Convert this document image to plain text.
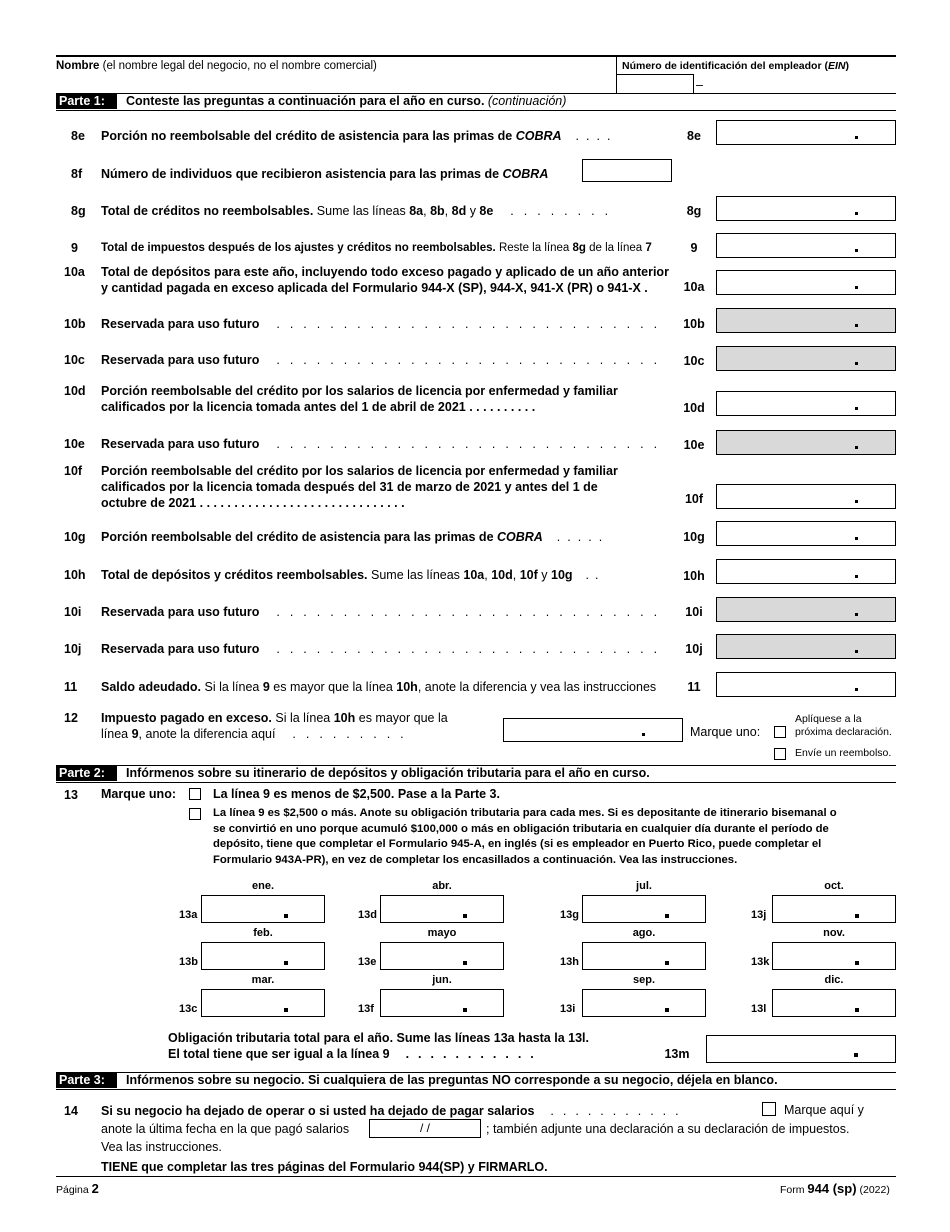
Nombre (el nombre legal del negocio, no el nombre comercial)	Número de identificación del empleador (EIN)
–
Parte 1:	Conteste las preguntas a continuación para el año en curso. (continuación)
8e Porción no reembolsable del crédito de asistencia para las primas de COBRA  ....	8e
8f Número de individuos que recibieron asistencia para las primas de COBRA
8g Total de créditos no reembolsables. Sume las líneas 8a, 8b, 8d y 8e  ........	8g
9 Total de impuestos después de los ajustes y créditos no reembolsables. Reste la línea 8g de la línea 7	9
10a Total de depósitos para este año, incluyendo todo exceso pagado y aplicado de un año anterior
y cantidad pagada en exceso aplicada del Formulario 944-X (SP), 944-X, 941-X (PR) o 941-X .	10a
10b Reservada para uso futuro  .............................	10b
10c Reservada para uso futuro  .............................	10c
10d Porción reembolsable del crédito por los salarios de licencia por enfermedad y familiar
calificados por la licencia tomada antes del 1 de abril de 2021 . . . . . . . . . .	10d
10e Reservada para uso futuro  .............................	10e
10f Porción reembolsable del crédito por los salarios de licencia por enfermedad y familiar
calificados por la licencia tomada después del 31 de marzo de 2021 y antes del 1 de
octubre de 2021 . . . . . . . . . . . . . . . . . . . . . . . . . . . . . .	10f
10g Porción reembolsable del crédito de asistencia para las primas de COBRA  .....	10g
10h Total de depósitos y créditos reembolsables. Sume las líneas 10a, 10d, 10f y 10g  ..	10h
10i Reservada para uso futuro  .............................	10i
10j Reservada para uso futuro  .............................	10j
11 Saldo adeudado. Si la línea 9 es mayor que la línea 10h, anote la diferencia y vea las instrucciones	11
12 Impuesto pagado en exceso. Si la línea 10h es mayor que la
línea 9, anote la diferencia aquí  .........	Marque uno:
Aplíquese a la
próxima declaración.
Envíe un reembolso.
Parte 2:	Infórmenos sobre su itinerario de depósitos y obligación tributaria para el año en curso.
13 Marque uno:	La línea 9 es menos de $2,500. Pase a la Parte 3.
La línea 9 es $2,500 o más. Anote su obligación tributaria para cada mes. Si es depositante de itinerario bisemanal o
se convirtió en uno porque acumuló $100,000 o más en obligación tributaria en cualquier día durante el período de
depósito, tiene que completar el Formulario 945-A, en inglés (si es empleador en Puerto Rico, puede completar el
Formulario 943A-PR), en vez de completar los encasillados a continuación. Vea las instrucciones.
ene.	abr.	jul.	oct.
13a	13d	13g	13j
feb.	mayo	ago.	nov.
13b	13e	13h	13k
mar.	jun.	sep.	dic.
13c	13f	13i	13l
Obligación tributaria total para el año. Sume las líneas 13a hasta la 13l.
El total tiene que ser igual a la línea 9  ...........	13m
Parte 3:	Infórmenos sobre su negocio. Si cualquiera de las preguntas NO corresponde a su negocio, déjela en blanco.
14 Si su negocio ha dejado de operar o si usted ha dejado de pagar salarios  ...........	Marque aquí y
anote la última fecha en la que pagó salarios	/ /	; también adjunte una declaración a su declaración de impuestos.
Vea las instrucciones.
TIENE que completar las tres páginas del Formulario 944(SP) y FIRMARLO.
Página 2	Form 944 (sp) (2022)
